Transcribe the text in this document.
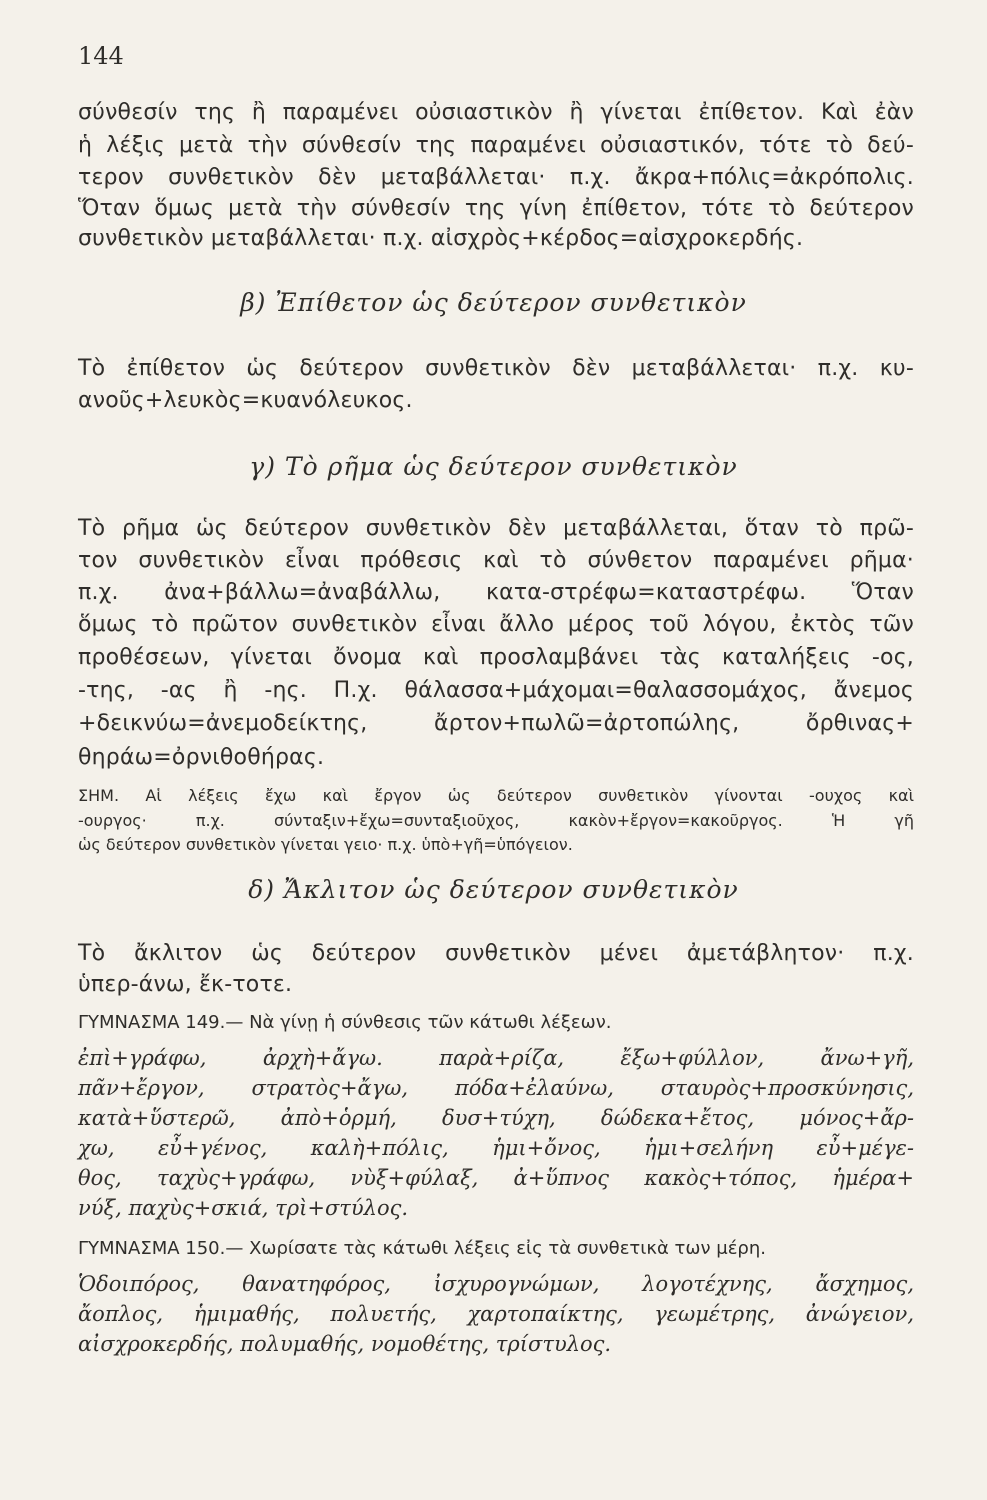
144
σύνθεσίν της ἢ παραμένει οὐσιαστικὸν ἢ γίνεται ἐπίθετον. Καὶ ἐὰν
ἡ λέξις μετὰ τὴν σύνθεσίν της παραμένει οὐσιαστικόν, τότε τὸ δεύ-
τερον συνθετικὸν δὲν μεταβάλλεται· π.χ. ἄκρα+πόλις=ἀκρόπολις.
Ὅταν ὅμως μετὰ τὴν σύνθεσίν της γίνη ἐπίθετον, τότε τὸ δεύτερον
συνθετικὸν μεταβάλλεται· π.χ. αἰσχρὸς+κέρδος=αἰσχροκερδής.
β) Ἐπίθετον ὡς δεύτερον συνθετικὸν
Τὸ ἐπίθετον ὡς δεύτερον συνθετικὸν δὲν μεταβάλλεται· π.χ. κυ-
ανοῦς+λευκὸς=κυανόλευκος.
γ) Τὸ ρῆμα ὡς δεύτερον συνθετικὸν
Τὸ ρῆμα ὡς δεύτερον συνθετικὸν δὲν μεταβάλλεται, ὅταν τὸ πρῶ-
τον συνθετικὸν εἶναι πρόθεσις καὶ τὸ σύνθετον παραμένει ρῆμα·
π.χ. ἀνα+βάλλω=ἀναβάλλω, κατα-στρέφω=καταστρέφω. Ὅταν
ὅμως τὸ πρῶτον συνθετικὸν εἶναι ἄλλο μέρος τοῦ λόγου, ἐκτὸς τῶν
προθέσεων, γίνεται ὄνομα καὶ προσλαμβάνει τὰς καταλήξεις -ος,
-της, -ας ἢ -ης. Π.χ. θάλασσα+μάχομαι=θαλασσομάχος, ἄνεμος
+δεικνύω=ἀνεμοδείκτης, ἄρτον+πωλῶ=ἀρτοπώλης, ὄρθινας+
θηράω=ὀρνιθοθήρας.
ΣΗΜ. Αἱ λέξεις ἔχω καὶ ἔργον ὡς δεύτερον συνθετικὸν γίνονται -ουχος καὶ
-ουργος· π.χ. σύνταξιν+ἔχω=συνταξιοῦχος, κακὸν+ἔργον=κακοῦργος. Ἡ γῆ
ὡς δεύτερον συνθετικὸν γίνεται γειο· π.χ. ὑπὸ+γῆ=ὑπόγειον.
δ) Ἄκλιτον ὡς δεύτερον συνθετικὸν
Τὸ ἄκλιτον ὡς δεύτερον συνθετικὸν μένει ἀμετάβλητον· π.χ.
ὑπερ-άνω, ἔκ-τοτε.
ΓΥΜΝΑΣΜΑ 149.— Νὰ γίνῃ ἡ σύνθεσις τῶν κάτωθι λέξεων.
ἐπὶ+γράφω, ἀρχὴ+ἄγω. παρὰ+ρίζα, ἔξω+φύλλον, ἄνω+γῆ,
πᾶν+ἔργον, στρατὸς+ἄγω, πόδα+ἐλαύνω, σταυρὸς+προσκύνησις,
κατὰ+ὕστερῶ, ἀπὸ+ὁρμή, δυσ+τύχη, δώδεκα+ἔτος, μόνος+ἄρ-
χω, εὖ+γένος, καλὴ+πόλις, ἡμι+ὄνος, ἡμι+σελήνη εὖ+μέγε-
θος, ταχὺς+γράφω, νὺξ+φύλαξ, ἀ+ὕπνος κακὸς+τόπος, ἡμέρα+
νύξ, παχὺς+σκιά, τρὶ+στύλος.
ΓΥΜΝΑΣΜΑ 150.— Χωρίσατε τὰς κάτωθι λέξεις εἰς τὰ συνθετικὰ των μέρη.
Ὁδοιπόρος, θανατηφόρος, ἰσχυρογνώμων, λογοτέχνης, ἄσχημος,
ἄοπλος, ἡμιμαθής, πολυετής, χαρτοπαίκτης, γεωμέτρης, ἀνώγειον,
αἰσχροκερδής, πολυμαθής, νομοθέτης, τρίστυλος.
